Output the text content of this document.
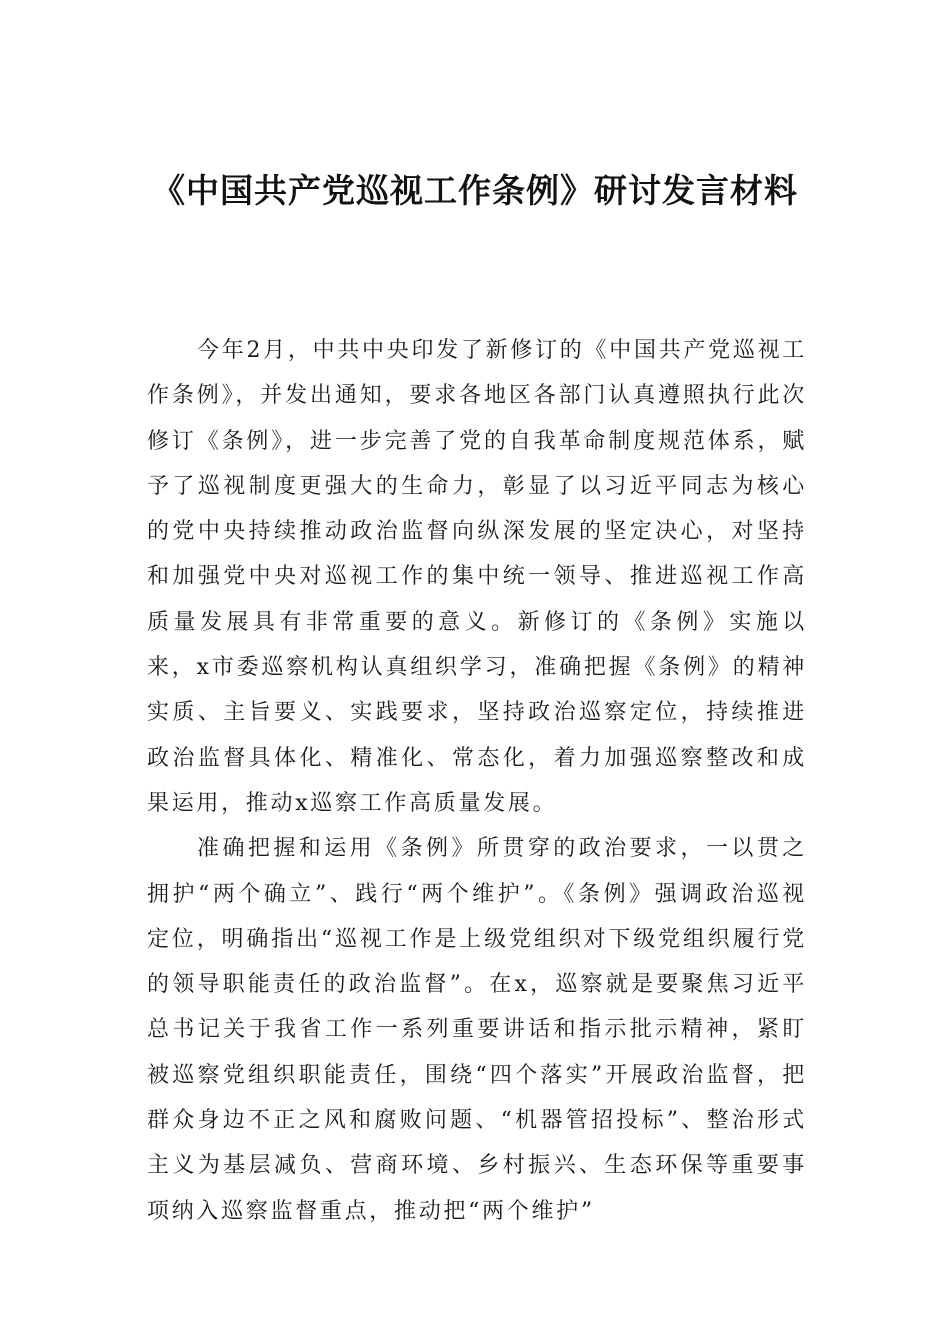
《中国共产党巡视工作条例》研讨发言材料

今年2月，中共中央印发了新修订的《中国共产党巡视工作条例》，并发出通知，要求各地区各部门认真遵照执行此次修订《条例》，进一步完善了党的自我革命制度规范体系，赋予了巡视制度更强大的生命力，彰显了以习近平同志为核心的党中央持续推动政治监督向纵深发展的坚定决心，对坚持和加强党中央对巡视工作的集中统一领导、推进巡视工作高质量发展具有非常重要的意义。新修订的《条例》实施以来，x市委巡察机构认真组织学习，准确把握《条例》的精神实质、主旨要义、实践要求，坚持政治巡察定位，持续推进政治监督具体化、精准化、常态化，着力加强巡察整改和成果运用，推动x巡察工作高质量发展。

准确把握和运用《条例》所贯穿的政治要求，一以贯之拥护“两个确立”、践行“两个维护”。《条例》强调政治巡视定位，明确指出“巡视工作是上级党组织对下级党组织履行党的领导职能责任的政治监督”。在x，巡察就是要聚焦习近平总书记关于我省工作一系列重要讲话和指示批示精神，紧盯被巡察党组织职能责任，围绕“四个落实”开展政治监督，把群众身边不正之风和腐败问题、“机器管招投标”、整治形式主义为基层减负、营商环境、乡村振兴、生态环保等重要事项纳入巡察监督重点，推动把“两个维护”
